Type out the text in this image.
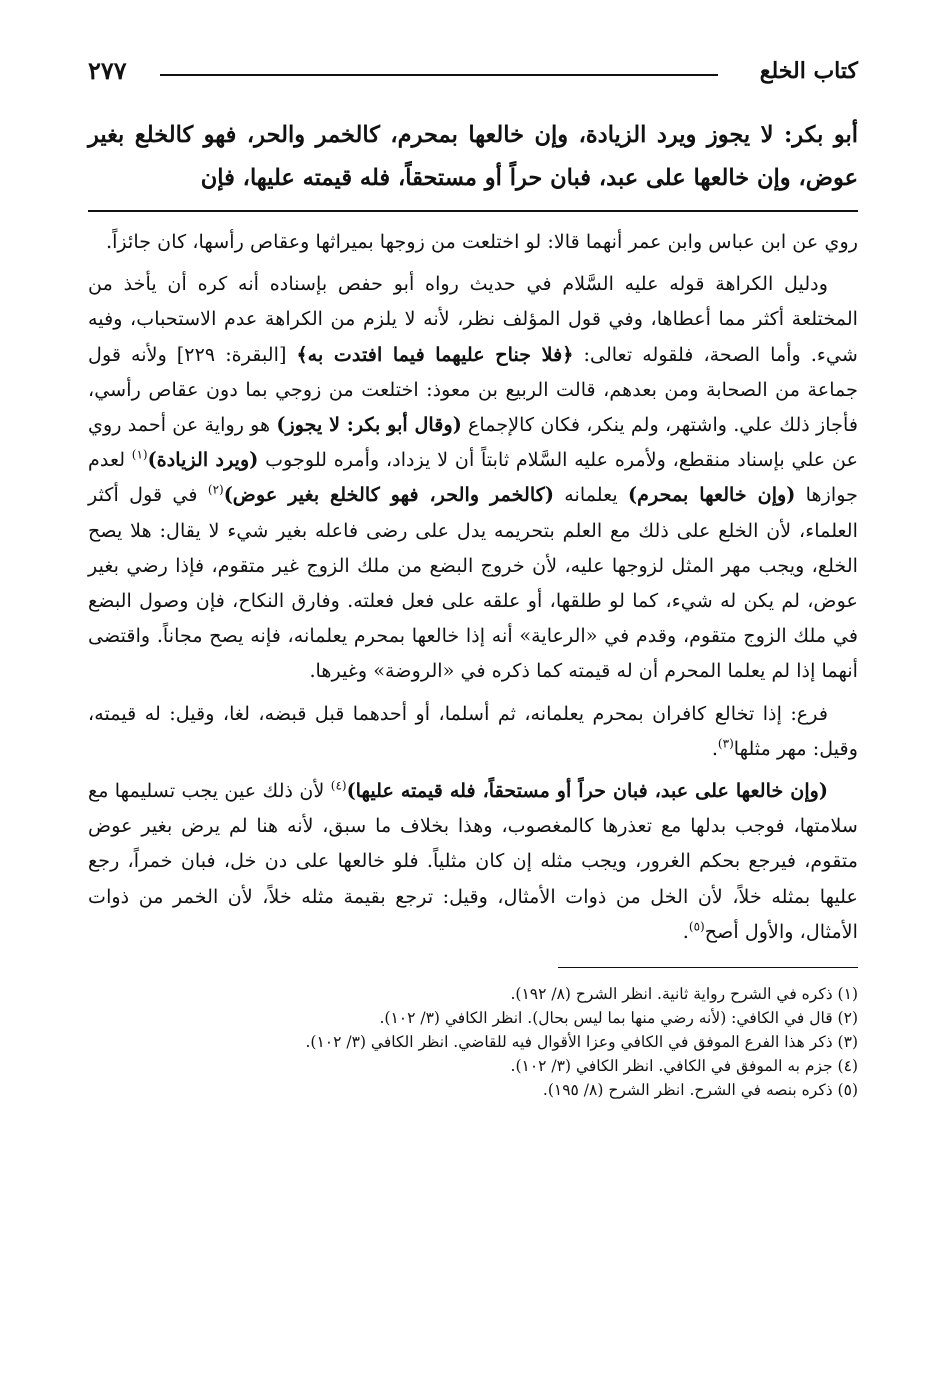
كتاب الخلع
٢٧٧
أبو بكر: لا يجوز ويرد الزيادة، وإن خالعها بمحرم، كالخمر والحر، فهو كالخلع بغير عوض، وإن خالعها على عبد، فبان حراً أو مستحقاً، فله قيمته عليها، فإن

روي عن ابن عباس وابن عمر أنهما قالا: لو اختلعت من زوجها بميراثها وعقاص رأسها، كان جائزاً.

ودليل الكراهة قوله عليه السَّلام في حديث رواه أبو حفص بإسناده أنه كره أن يأخذ من المختلعة أكثر مما أعطاها، وفي قول المؤلف نظر، لأنه لا يلزم من الكراهة عدم الاستحباب، وفيه شيء. وأما الصحة، فلقوله تعالى: ﴿فلا جناح عليهما فيما افتدت به﴾ [البقرة: ٢٢٩] ولأنه قول جماعة من الصحابة ومن بعدهم، قالت الربيع بن معوذ: اختلعت من زوجي بما دون عقاص رأسي، فأجاز ذلك علي. واشتهر، ولم ينكر، فكان كالإجماع (وقال أبو بكر: لا يجوز) هو رواية عن أحمد روي عن علي بإسناد منقطع، ولأمره عليه السَّلام ثابتاً أن لا يزداد، وأمره للوجوب (ويرد الزيادة)$^{(١)}$ لعدم جوازها (وإن خالعها بمحرم) يعلمانه (كالخمر والحر، فهو كالخلع بغير عوض)$^{(٢)}$ في قول أكثر العلماء، لأن الخلع على ذلك مع العلم بتحريمه يدل على رضى فاعله بغير شيء لا يقال: هلا يصح الخلع، ويجب مهر المثل لزوجها عليه، لأن خروج البضع من ملك الزوج غير متقوم، فإذا رضي بغير عوض، لم يكن له شيء، كما لو طلقها، أو علقه على فعل فعلته. وفارق النكاح، فإن وصول البضع في ملك الزوج متقوم، وقدم في «الرعاية» أنه إذا خالعها بمحرم يعلمانه، فإنه يصح مجاناً. واقتضى أنهما إذا لم يعلما المحرم أن له قيمته كما ذكره في «الروضة» وغيرها.

فرع: إذا تخالع كافران بمحرم يعلمانه، ثم أسلما، أو أحدهما قبل قبضه، لغا، وقيل: له قيمته، وقيل: مهر مثلها$^{(٣)}$.

(وإن خالعها على عبد، فبان حراً أو مستحقاً، فله قيمته عليها)$^{(٤)}$ لأن ذلك عين يجب تسليمها مع سلامتها، فوجب بدلها مع تعذرها كالمغصوب، وهذا بخلاف ما سبق، لأنه هنا لم يرض بغير عوض متقوم، فيرجع بحكم الغرور، ويجب مثله إن كان مثلياً. فلو خالعها على دن خل، فبان خمراً، رجع عليها بمثله خلاً، لأن الخل من ذوات الأمثال، وقيل: ترجع بقيمة مثله خلاً، لأن الخمر من ذوات الأمثال، والأول أصح$^{(٥)}$.

(١) ذكره في الشرح رواية ثانية. انظر الشرح (٨/ ١٩٢).
(٢) قال في الكافي: (لأنه رضي منها بما ليس بحال). انظر الكافي (٣/ ١٠٢).
(٣) ذكر هذا الفرع الموفق في الكافي وعزا الأقوال فيه للقاضي. انظر الكافي (٣/ ١٠٢).
(٤) جزم به الموفق في الكافي. انظر الكافي (٣/ ١٠٢).
(٥) ذكره بنصه في الشرح. انظر الشرح (٨/ ١٩٥).
